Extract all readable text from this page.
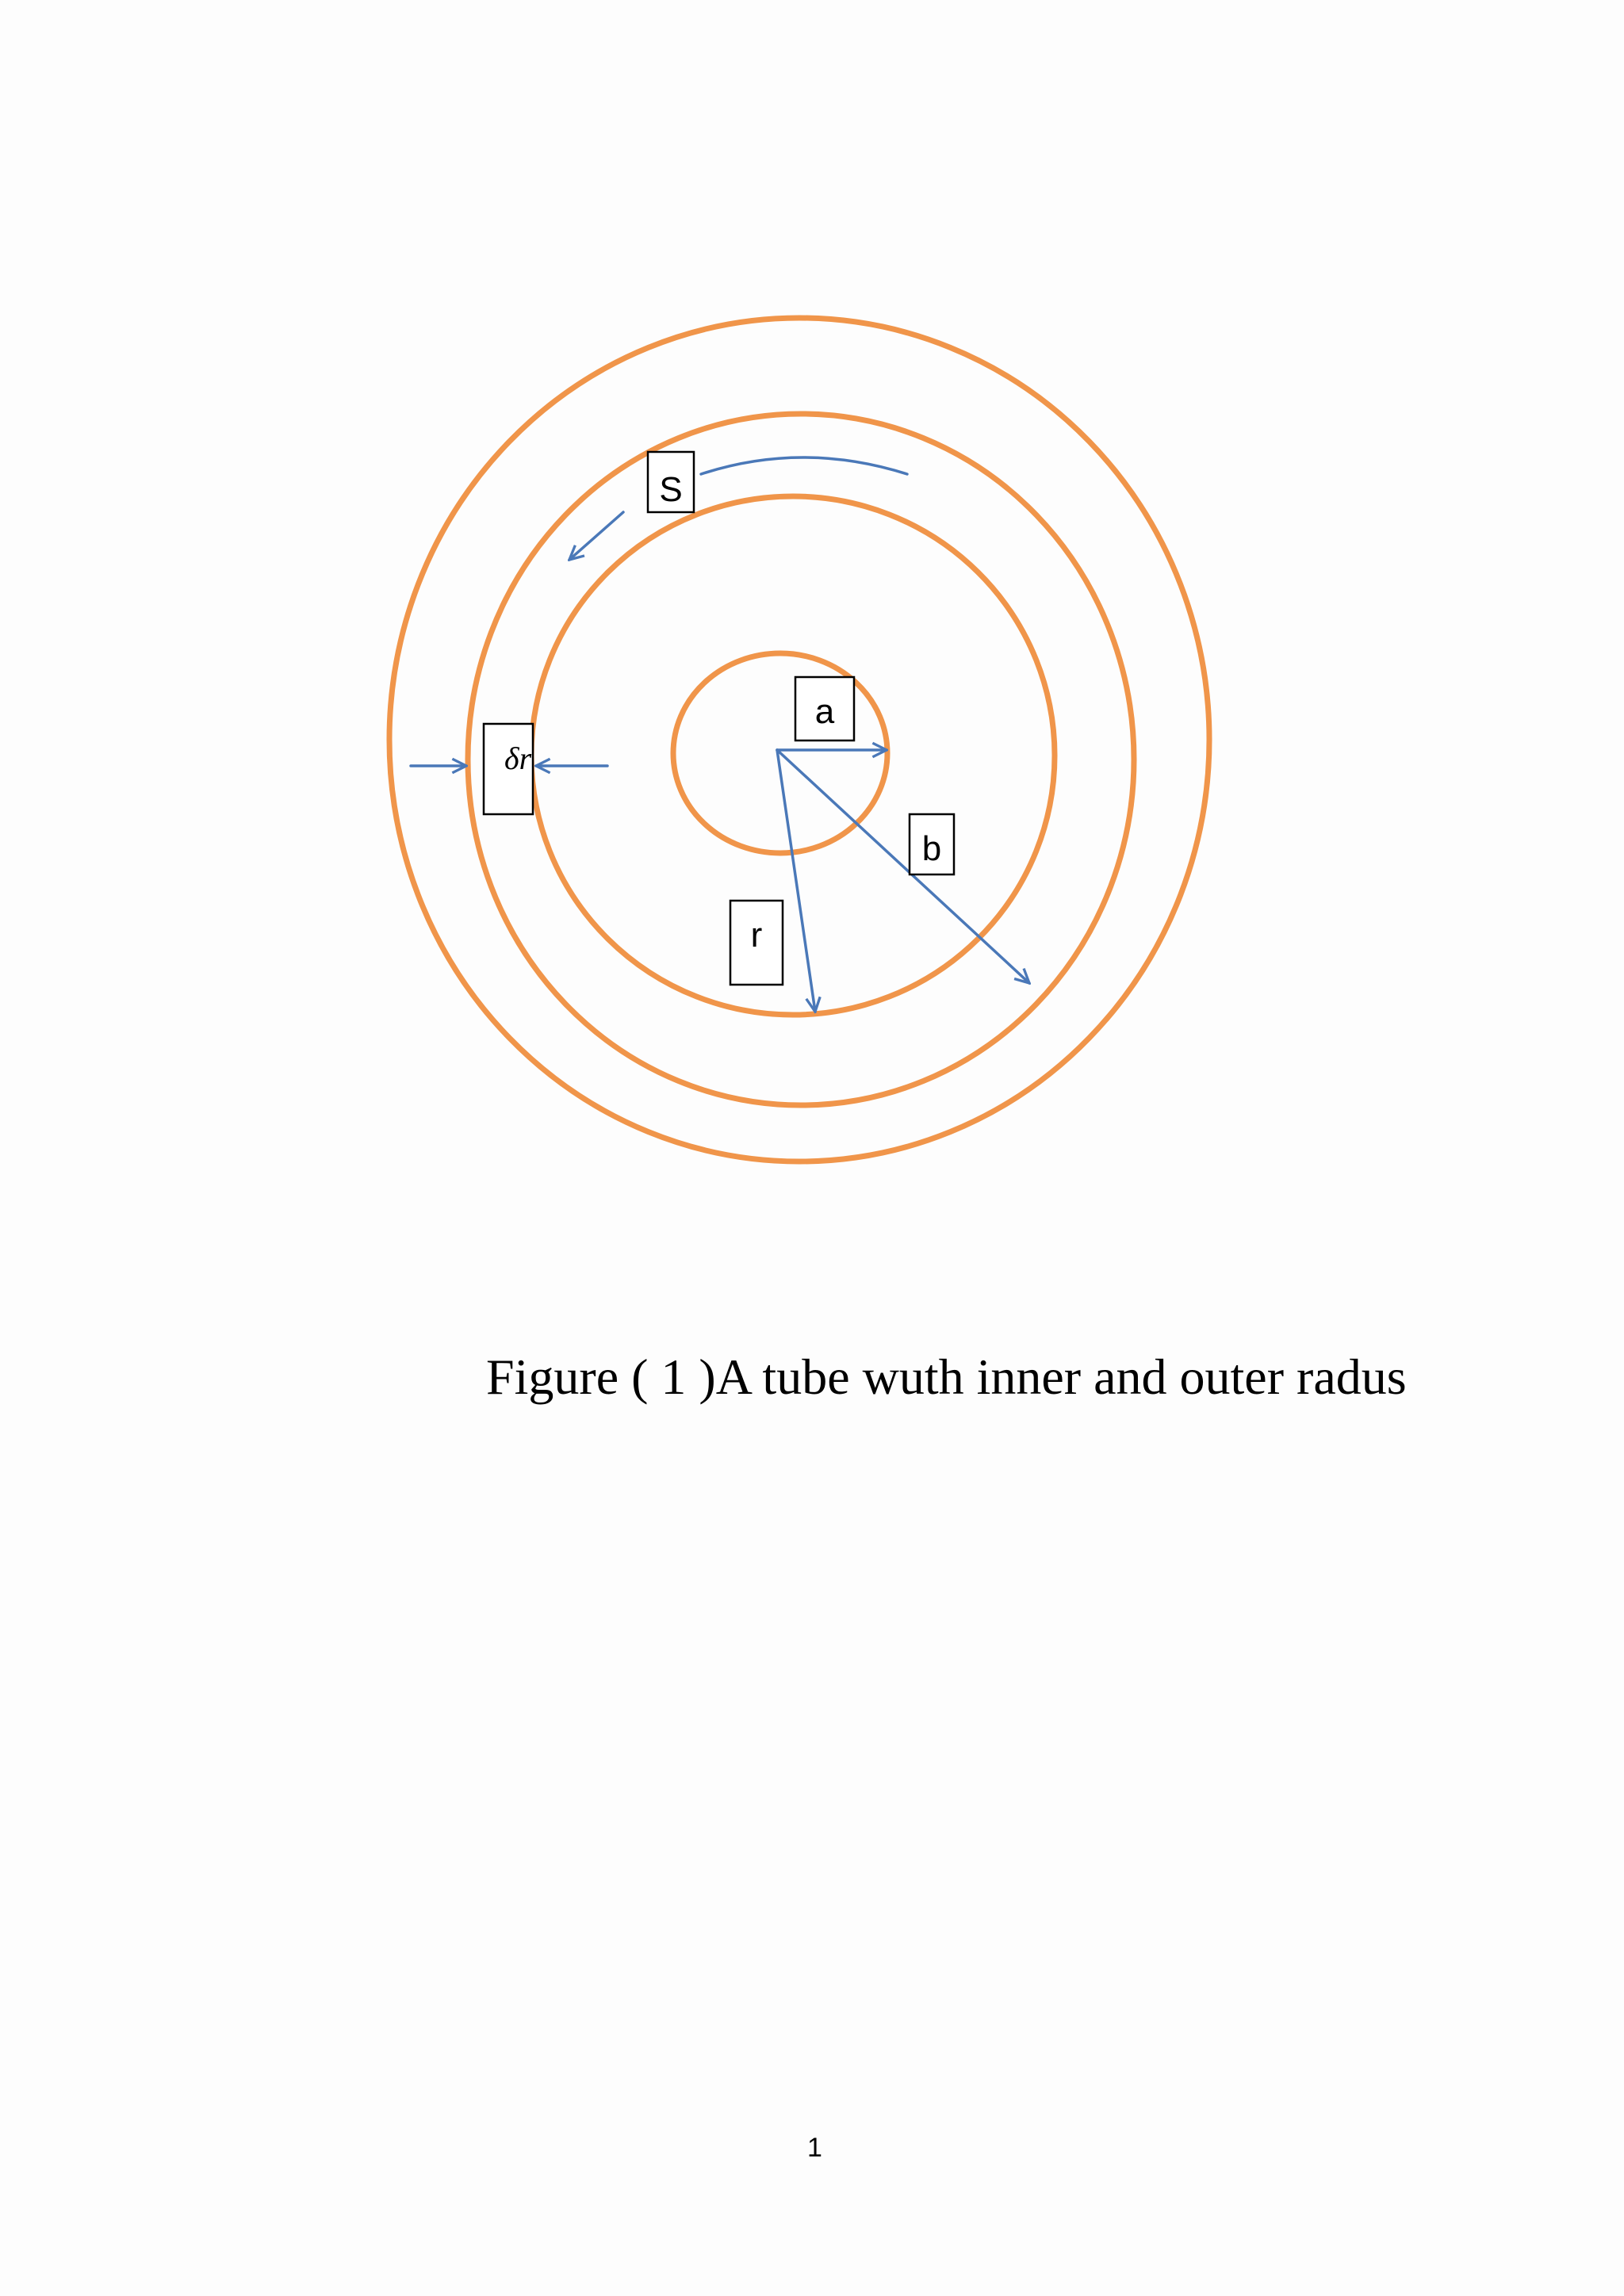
S
a
b
r
δr
Figure ( 1 )A tube wuth inner and outer radus
1
